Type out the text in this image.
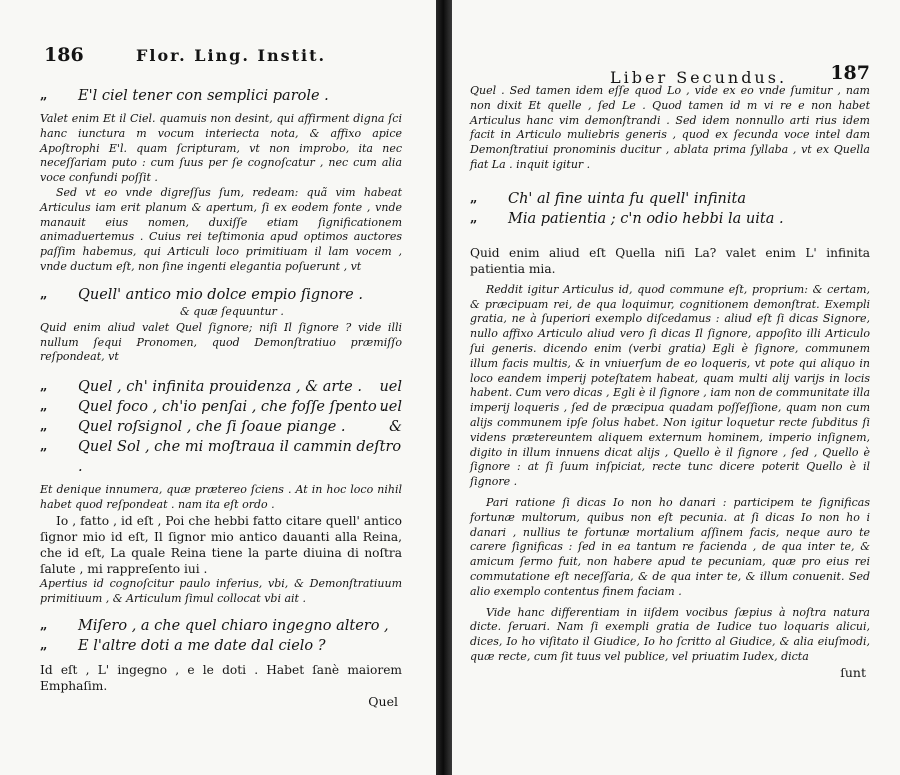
186	Flor. Ling. Instit.
„ E'l ciel tener con semplici parole .

Valet enim Et il Ciel. quamuis non desint, qui affirment digna ſci hanc iunctura m vocum interiecta nota, & affixo apice Apoſtrophi E'l. quam ſcripturam, vt non improbo, ita nec neceſſariam puto : cum ſuus per ſe cognoſcatur , nec cum alia voce confundi poſſit .

Sed vt eo vnde digreſſus ſum, redeam: quã vim habeat Articulus iam erit planum & apertum, ſi ex eodem fonte , vnde manauit eius nomen, duxiſſe etiam ſignificationem animaduertemus . Cuius rei teſtimonia apud optimos auctores paſſim habemus, qui Articuli loco primitiuam il lam vocem , vnde ductum eſt, non ſine ingenti elegantia poſuerunt , vt

„ Quell' antico mio dolce empio ſignore .
& quæ ſequuntur .

Quid enim aliud valet Quel ſignore; niſi Il ſignore ? vide illi nullum ſequi Pronomen, quod Demonſtratiuo præmiſſo reſpondeat, vt

„ Quel , ch' infinita prouidenza , & arte . uel
„ Quel foco , ch'io penſai , che foſſe ſpento .
uel
„ Quel roſsignol , che ſi ſoaue piange .	&
„ Quel Sol , che mi moſtraua il cammin deſtro .

Et denique innumera, quæ prætereo ſciens . At in hoc loco nihil habet quod reſpondeat . nam ita eſt ordo .

Io , fatto , id eſt , Poi che hebbi fatto citare quell' antico ſignor mio id eſt, Il ſignor mio antico dauanti alla Reina, che id eſt, La quale Reina tiene la parte diuina di noſtra ſalute , mi rappreſento iui .

Apertius id cognoſcitur paulo inferius, vbi, & Demonſtratiuum primitiuum , & Articulum ſimul collocat vbi ait .

„ Miſero , a che quel chiaro ingegno altero ,
„ E l'altre doti a me date dal cielo ?

Id eſt , L' ingegno , e le doti . Habet ſanè maiorem Emphaſim.

Quel
Liber Secundus. 187

Quel . Sed tamen idem eſſe quod Lo , vide ex eo vnde ſumitur , nam non dixit Et quelle , ſed Le . Quod tamen id m vi re e non habet Articulus hanc vim demonſtrandi . Sed idem nonnullo arti rius idem facit in Articulo muliebris generis , quod ex ſecunda voce intel dam Demonſtratiui pronominis ducitur , ablata prima ſyllaba , vt ex Quella fiat La . inquit igitur .

„ Ch' al fine uinta fu quell' infinita
„ Mia patientia ; c'n odio hebbi la uita .

Quid enim aliud eſt Quella niſi La? valet enim L' infinita patientia mia.

Reddit igitur Articulus id, quod commune eſt, proprium: & certam, & præcipuam rei, de qua loquimur, cognitionem demonſtrat. Exempli gratia, ne à ſuperiori exemplo diſcedamus : aliud eſt ſi dicas Signore, nullo affixo Articulo aliud vero ſi dicas Il ſignore, appoſito illi Articulo ſui generis. dicendo enim (verbi gratia) Egli è ſignore, communem illum facis multis, & in vniuerſum de eo loqueris, vt pote qui aliquo in loco eandem imperij poteſtatem habeat, quam multi alij varijs in locis habent. Cum vero dicas , Egli è il ſignore , iam non de communitate illa imperij loqueris , ſed de præcipua quadam poſſeſſione, quam non cum alijs communem ipſe ſolus habet. Non igitur loquetur recte ſubditus ſi videns prætereuntem aliquem externum hominem, imperio inſignem, digito in illum innuens dicat alijs , Quello è il ſignore , ſed , Quello è ſignore : at ſi ſuum inſpiciat, recte tunc dicere poterit Quello è il ſignore .

Pari ratione ſi dicas Io non ho danari : participem te ſignificas fortunæ multorum, quibus non eſt pecunia. at ſi dicas Io non ho i danari , nullius te fortunæ mortalium aſſinem facis, neque auro te carere ſignificas : ſed in ea tantum re facienda , de qua inter te, & amicum ſermo fuit, non habere apud te pecuniam, quæ pro eius rei commutatione eſt neceſſaria, & de qua inter te, & illum conuenit. Sed alio exemplo contentus finem faciam .

Vide hanc differentiam in iiſdem vocibus ſæpius à noſtra natura dicte. ſeruari. Nam ſi exempli gratia de Iudice tuo loquaris alicui, dices, Io ho viſitato il Giudice, Io ho ſcritto al Giudice, & alia eiuſmodi, quæ recte, cum ſit tuus vel publice, vel priuatim Iudex, dicta

ſunt
